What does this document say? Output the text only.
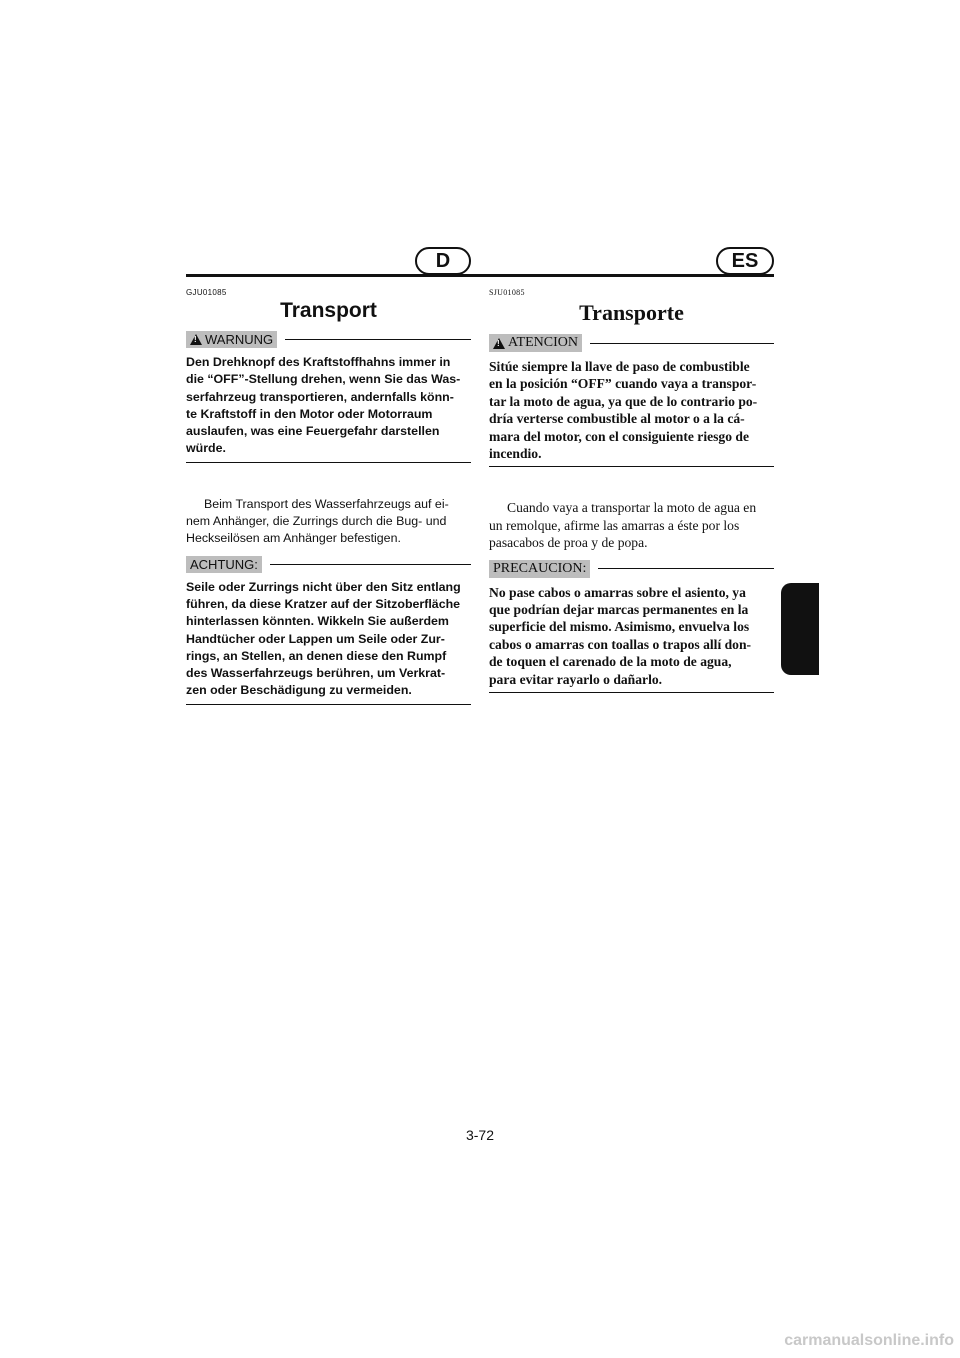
D	ES
GJU01085
Transport
!
WARNUNG
Den Drehknopf des Kraftstoffhahns immer in
die “OFF”-Stellung drehen, wenn Sie das Was-
serfahrzeug transportieren, andernfalls könn-
te Kraftstoff in den Motor oder Motorraum
auslaufen, was eine Feuergefahr darstellen
würde.
Beim Transport des Wasserfahrzeugs auf ei-
nem Anhänger, die Zurrings durch die Bug- und
Heckseilösen am Anhänger befestigen.
ACHTUNG:
Seile oder Zurrings nicht über den Sitz entlang
führen, da diese Kratzer auf der Sitzoberfläche
hinterlassen könnten. Wikkeln Sie außerdem
Handtücher oder Lappen um Seile oder Zur-
rings, an Stellen, an denen diese den Rumpf
des Wasserfahrzeugs berühren, um Verkrat-
zen oder Beschädigung zu vermeiden.
SJU01085
Transporte
!
ATENCION
Sitúe siempre la llave de paso de combustible
en la posición “OFF” cuando vaya a transpor-
tar la moto de agua, ya que de lo contrario po-
dría verterse combustible al motor o a la cá-
mara del motor, con el consiguiente riesgo de
incendio.
Cuando vaya a transportar la moto de agua en
un remolque, afirme las amarras a éste por los
pasacabos de proa y de popa.
PRECAUCION:
No pase cabos o amarras sobre el asiento, ya
que podrían dejar marcas permanentes en la
superficie del mismo. Asimismo, envuelva los
cabos o amarras con toallas o trapos allí don-
de toquen el carenado de la moto de agua,
para evitar rayarlo o dañarlo.
3-72
carmanualsonline.info
